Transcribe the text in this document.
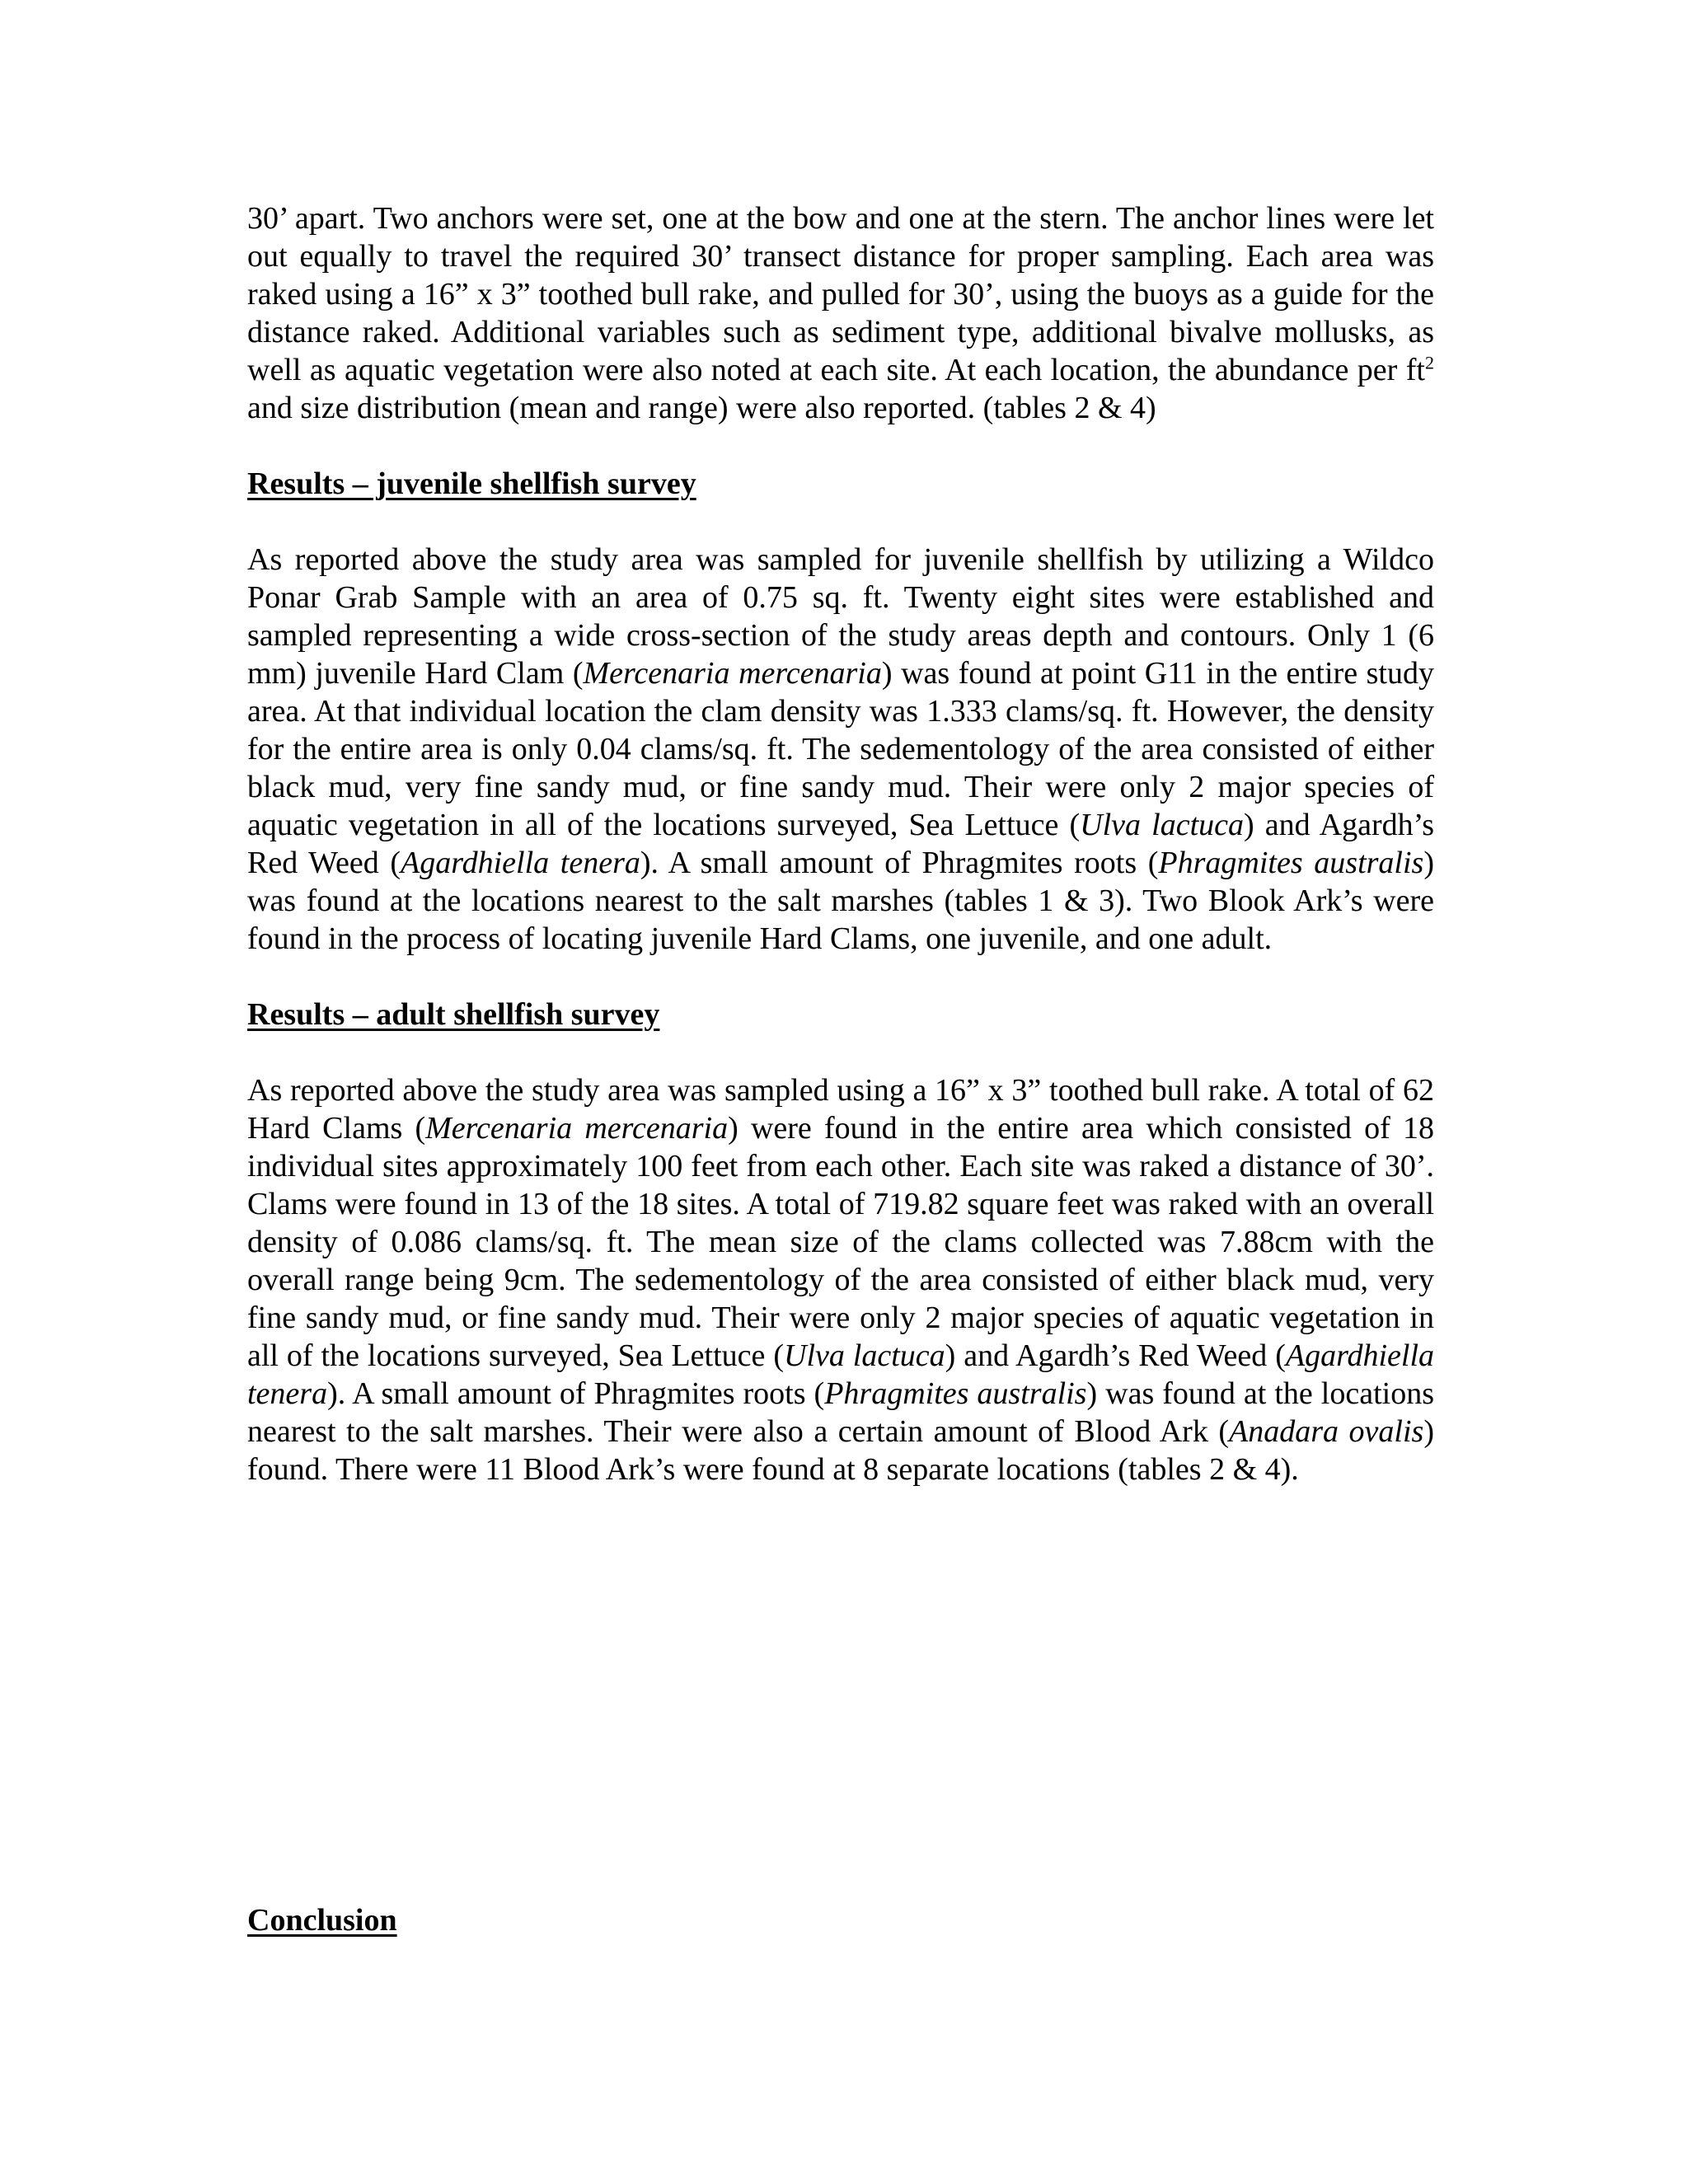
30’ apart. Two anchors were set, one at the bow and one at the stern. The anchor lines were let out equally to travel the required 30’ transect distance for proper sampling. Each area was raked using a 16” x 3” toothed bull rake, and pulled for 30’, using the buoys as a guide for the distance raked. Additional variables such as sediment type, additional bivalve mollusks, as well as aquatic vegetation were also noted at each site. At each location, the abundance per $ft^2$ and size distribution (mean and range) were also reported. (tables 2 & 4)

Results – juvenile shellfish survey

As reported above the study area was sampled for juvenile shellfish by utilizing a Wildco Ponar Grab Sample with an area of 0.75 sq. ft. Twenty eight sites were established and sampled representing a wide cross-section of the study areas depth and contours. Only 1 (6 mm) juvenile Hard Clam (Mercenaria mercenaria) was found at point G11 in the entire study area. At that individual location the clam density was 1.333 clams/sq. ft. However, the density for the entire area is only 0.04 clams/sq. ft. The sedementology of the area consisted of either black mud, very fine sandy mud, or fine sandy mud. Their were only 2 major species of aquatic vegetation in all of the locations surveyed, Sea Lettuce (Ulva lactuca) and Agardh’s Red Weed (Agardhiella tenera). A small amount of Phragmites roots (Phragmites australis) was found at the locations nearest to the salt marshes (tables 1 & 3). Two Blook Ark’s were found in the process of locating juvenile Hard Clams, one juvenile, and one adult.

Results – adult shellfish survey

As reported above the study area was sampled using a 16” x 3” toothed bull rake. A total of 62 Hard Clams (Mercenaria mercenaria) were found in the entire area which consisted of 18 individual sites approximately 100 feet from each other. Each site was raked a distance of 30’. Clams were found in 13 of the 18 sites. A total of 719.82 square feet was raked with an overall density of 0.086 clams/sq. ft. The mean size of the clams collected was 7.88cm with the overall range being 9cm. The sedementology of the area consisted of either black mud, very fine sandy mud, or fine sandy mud. Their were only 2 major species of aquatic vegetation in all of the locations surveyed, Sea Lettuce (Ulva lactuca) and Agardh’s Red Weed (Agardhiella tenera). A small amount of Phragmites roots (Phragmites australis) was found at the locations nearest to the salt marshes. Their were also a certain amount of Blood Ark (Anadara ovalis) found. There were 11 Blood Ark’s were found at 8 separate locations (tables 2 & 4).

Conclusion
